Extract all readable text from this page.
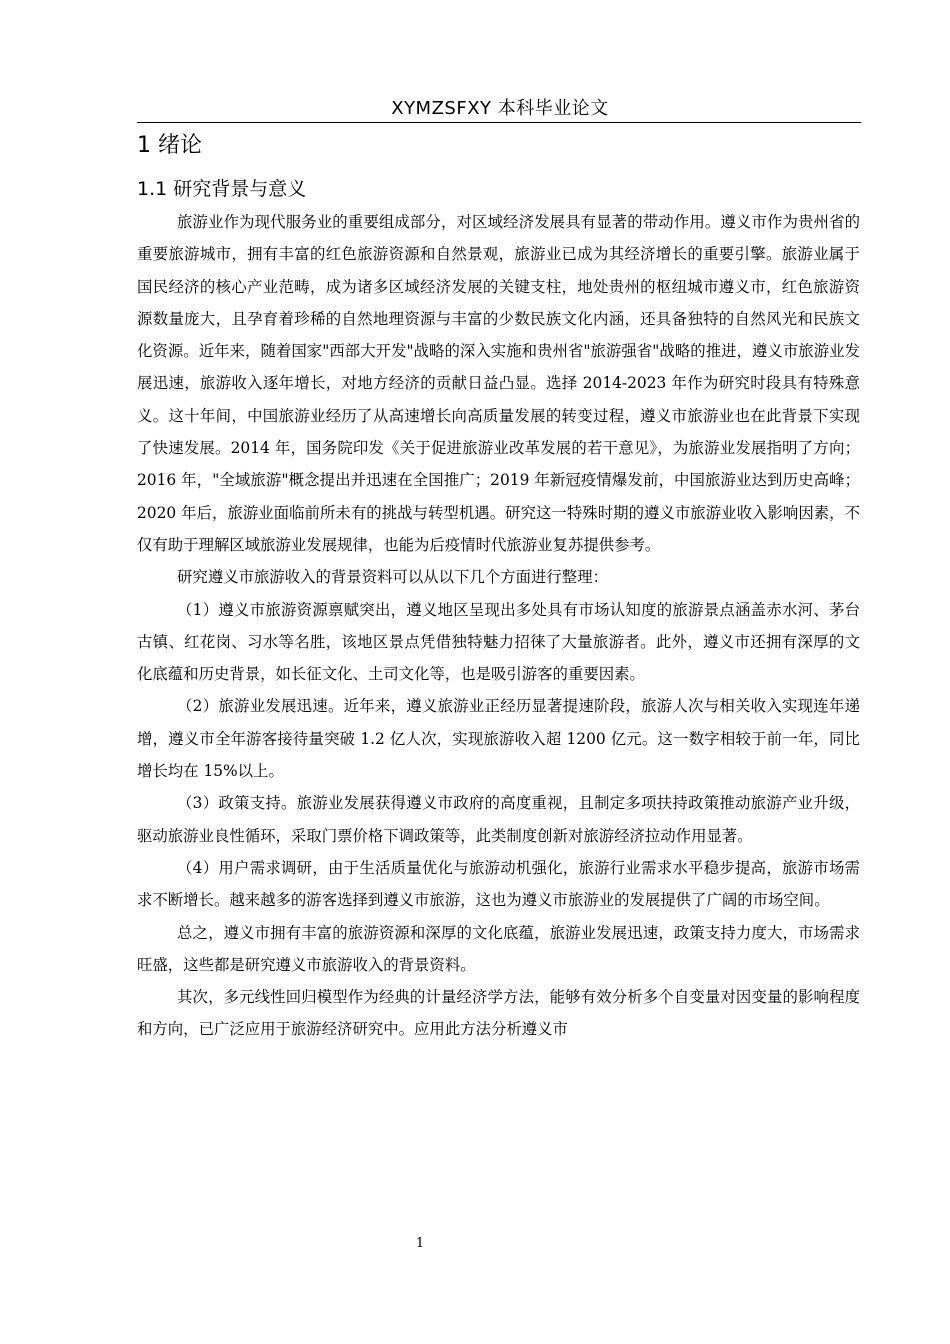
XYMZSFXY 本科毕业论文
1 绪论
1.1 研究背景与意义

旅游业作为现代服务业的重要组成部分，对区域经济发展具有显著的带动作用。遵义市作为贵州省的重要旅游城市，拥有丰富的红色旅游资源和自然景观，旅游业已成为其经济增长的重要引擎。旅游业属于国民经济的核心产业范畴，成为诸多区域经济发展的关键支柱，地处贵州的枢纽城市遵义市，红色旅游资源数量庞大，且孕育着珍稀的自然地理资源与丰富的少数民族文化内涵，还具备独特的自然风光和民族文化资源。近年来，随着国家"西部大开发"战略的深入实施和贵州省"旅游强省"战略的推进，遵义市旅游业发展迅速，旅游收入逐年增长，对地方经济的贡献日益凸显。选择 2014-2023 年作为研究时段具有特殊意义。这十年间，中国旅游业经历了从高速增长向高质量发展的转变过程，遵义市旅游业也在此背景下实现了快速发展。2014 年，国务院印发《关于促进旅游业改革发展的若干意见》，为旅游业发展指明了方向；2016 年，"全域旅游"概念提出并迅速在全国推广；2019 年新冠疫情爆发前，中国旅游业达到历史高峰；2020 年后，旅游业面临前所未有的挑战与转型机遇。研究这一特殊时期的遵义市旅游业收入影响因素，不仅有助于理解区域旅游业发展规律，也能为后疫情时代旅游业复苏提供参考。

研究遵义市旅游收入的背景资料可以从以下几个方面进行整理：

（1）遵义市旅游资源禀赋突出，遵义地区呈现出多处具有市场认知度的旅游景点涵盖赤水河、茅台古镇、红花岗、习水等名胜，该地区景点凭借独特魅力招徕了大量旅游者。此外，遵义市还拥有深厚的文化底蕴和历史背景，如长征文化、土司文化等，也是吸引游客的重要因素。

（2）旅游业发展迅速。近年来，遵义旅游业正经历显著提速阶段，旅游人次与相关收入实现连年递增，遵义市全年游客接待量突破 1.2 亿人次，实现旅游收入超 1200 亿元。这一数字相较于前一年，同比增长均在 15%以上。

（3）政策支持。旅游业发展获得遵义市政府的高度重视，且制定多项扶持政策推动旅游产业升级，驱动旅游业良性循环，采取门票价格下调政策等，此类制度创新对旅游经济拉动作用显著。

（4）用户需求调研，由于生活质量优化与旅游动机强化，旅游行业需求水平稳步提高，旅游市场需求不断增长。越来越多的游客选择到遵义市旅游，这也为遵义市旅游业的发展提供了广阔的市场空间。

总之，遵义市拥有丰富的旅游资源和深厚的文化底蕴，旅游业发展迅速，政策支持力度大，市场需求旺盛，这些都是研究遵义市旅游收入的背景资料。

其次，多元线性回归模型作为经典的计量经济学方法，能够有效分析多个自变量对因变量的影响程度和方向，已广泛应用于旅游经济研究中。应用此方法分析遵义市

1
